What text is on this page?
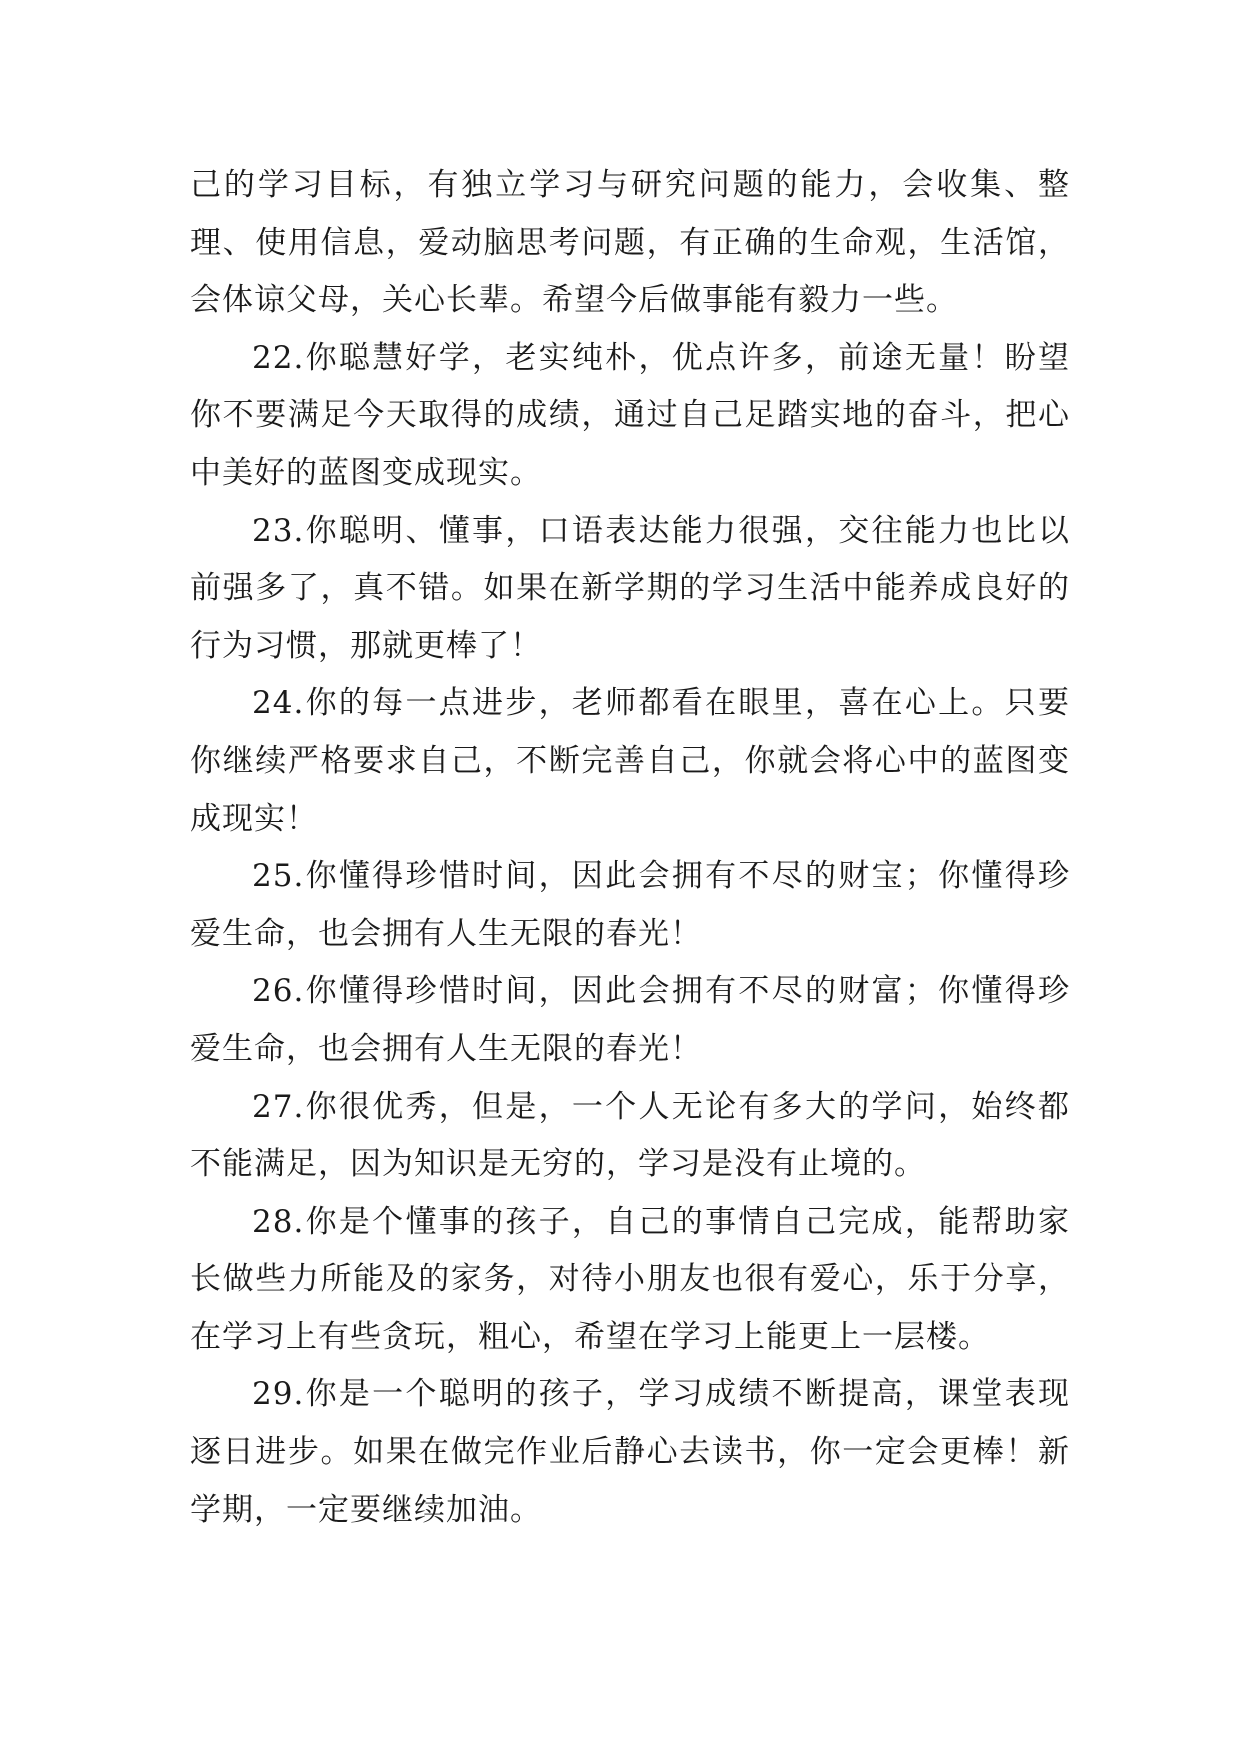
己的学习目标，有独立学习与研究问题的能力，会收集、整理、使用信息，爱动脑思考问题，有正确的生命观，生活馆，会体谅父母，关心长辈。希望今后做事能有毅力一些。

22.你聪慧好学，老实纯朴，优点许多，前途无量！盼望你不要满足今天取得的成绩，通过自己足踏实地的奋斗，把心中美好的蓝图变成现实。

23.你聪明、懂事，口语表达能力很强，交往能力也比以前强多了，真不错。如果在新学期的学习生活中能养成良好的行为习惯，那就更棒了！

24.你的每一点进步，老师都看在眼里，喜在心上。只要你继续严格要求自己，不断完善自己，你就会将心中的蓝图变成现实！

25.你懂得珍惜时间，因此会拥有不尽的财宝；你懂得珍爱生命，也会拥有人生无限的春光！

26.你懂得珍惜时间，因此会拥有不尽的财富；你懂得珍爱生命，也会拥有人生无限的春光！

27.你很优秀，但是，一个人无论有多大的学问，始终都不能满足，因为知识是无穷的，学习是没有止境的。

28.你是个懂事的孩子，自己的事情自己完成，能帮助家长做些力所能及的家务，对待小朋友也很有爱心，乐于分享，在学习上有些贪玩，粗心，希望在学习上能更上一层楼。

29.你是一个聪明的孩子，学习成绩不断提高，课堂表现逐日进步。如果在做完作业后静心去读书，你一定会更棒！新学期，一定要继续加油。
